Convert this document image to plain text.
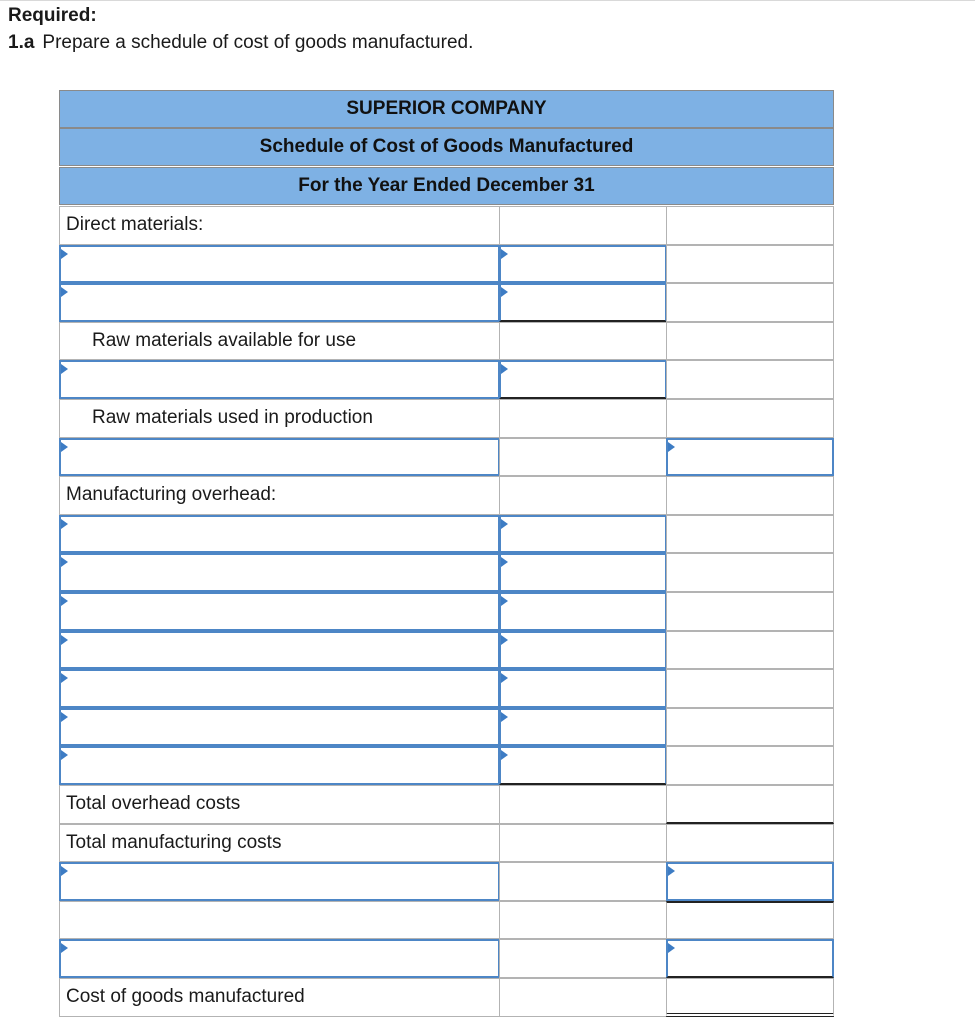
Required:
1.a Prepare a schedule of cost of goods manufactured.
SUPERIOR COMPANY
Schedule of Cost of Goods Manufactured
For the Year Ended December 31
Direct materials:
Raw materials available for use
Raw materials used in production
Manufacturing overhead:
Total overhead costs
Total manufacturing costs
Cost of goods manufactured
